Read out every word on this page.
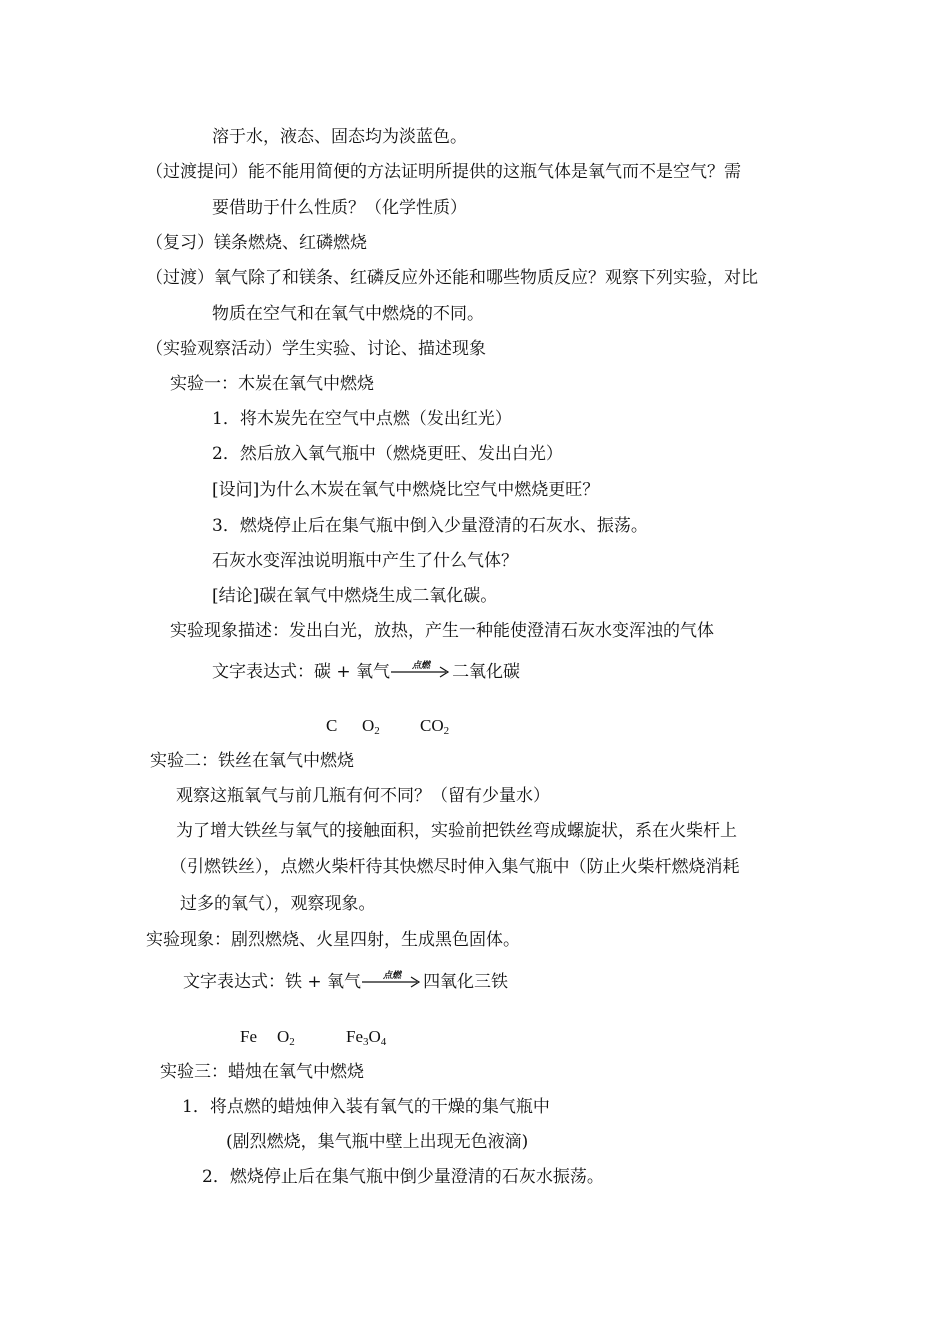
溶于水，液态、固态均为淡蓝色。
（过渡提问）能不能用简便的方法证明所提供的这瓶气体是氧气而不是空气？需
要借助于什么性质？（化学性质）
（复习）镁条燃烧、红磷燃烧
（过渡）氧气除了和镁条、红磷反应外还能和哪些物质反应？观察下列实验，对比
物质在空气和在氧气中燃烧的不同。
（实验观察活动）学生实验、讨论、描述现象
实验一：木炭在氧气中燃烧
1．将木炭先在空气中点燃（发出红光）
2．然后放入氧气瓶中（燃烧更旺、发出白光）
[设问]为什么木炭在氧气中燃烧比空气中燃烧更旺？
3．燃烧停止后在集气瓶中倒入少量澄清的石灰水、振荡。
石灰水变浑浊说明瓶中产生了什么气体？
[结论]碳在氧气中燃烧生成二氧化碳。
实验现象描述：发出白光，放热，产生一种能使澄清石灰水变浑浊的气体
文字表达式：碳 + 氧气	点燃	二氧化碳
C $O_2$ $CO_2$
实验二：铁丝在氧气中燃烧
观察这瓶氧气与前几瓶有何不同？（留有少量水）
为了增大铁丝与氧气的接触面积，实验前把铁丝弯成螺旋状，系在火柴杆上
（引燃铁丝），点燃火柴杆待其快燃尽时伸入集气瓶中（防止火柴杆燃烧消耗
过多的氧气），观察现象。
实验现象：剧烈燃烧、火星四射，生成黑色固体。
文字表达式：铁 + 氧气	点燃	四氧化三铁
Fe $O_2$	$Fe_3O_4$
实验三：蜡烛在氧气中燃烧
1．将点燃的蜡烛伸入装有氧气的干燥的集气瓶中
(剧烈燃烧，集气瓶中壁上出现无色液滴)
2．燃烧停止后在集气瓶中倒少量澄清的石灰水振荡。
